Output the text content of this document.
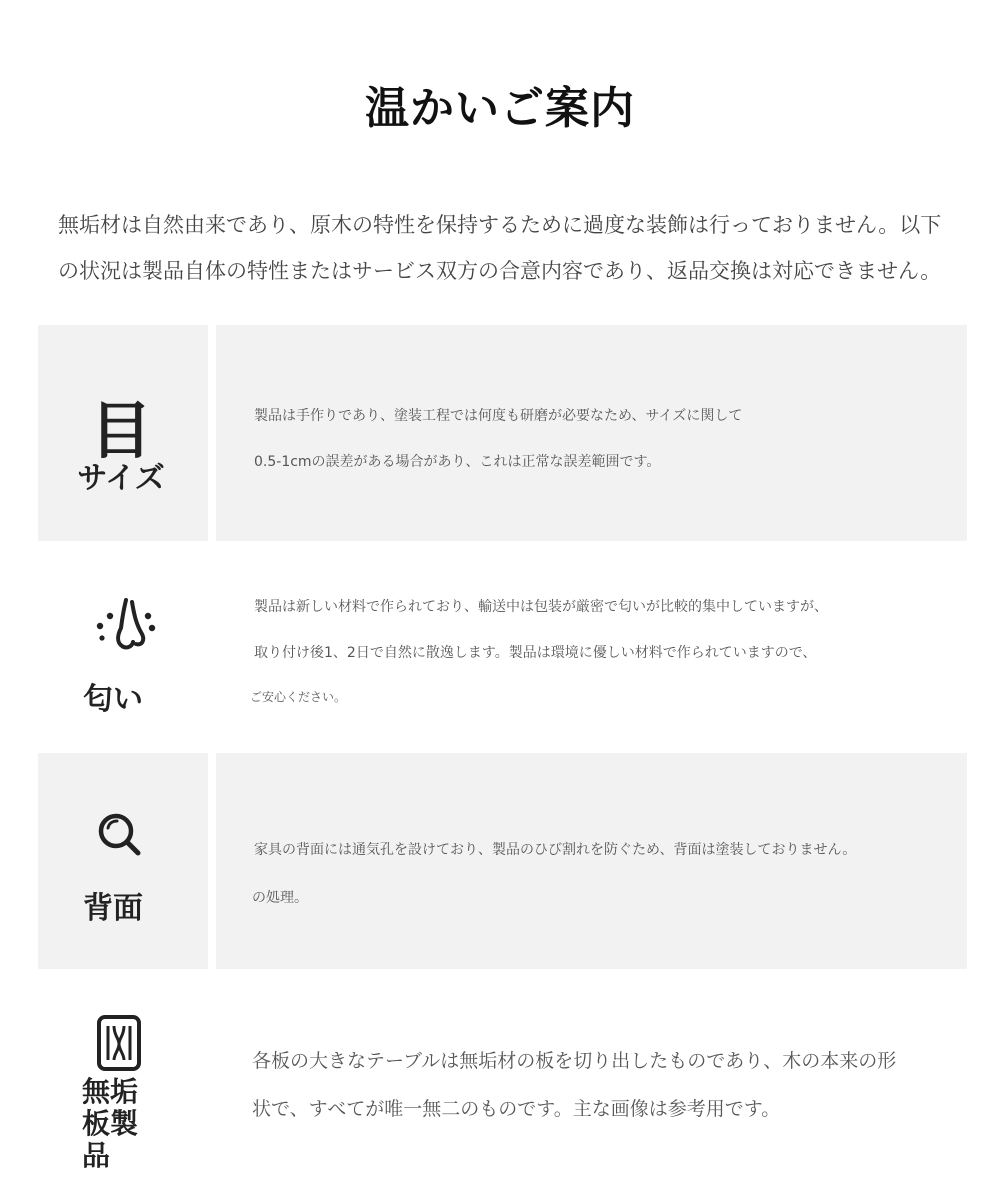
温かいご案内
無垢材は自然由来であり、原木の特性を保持するために過度な装飾は行っておりません。以下
の状況は製品自体の特性またはサービス双方の合意内容であり、返品交換は対応できません。
目
サイズ
製品は手作りであり、塗装工程では何度も研磨が必要なため、サイズに関して
0.5-1cmの誤差がある場合があり、これは正常な誤差範囲です。
匂い
製品は新しい材料で作られており、輸送中は包装が厳密で匂いが比較的集中していますが、
取り付け後1、2日で自然に散逸します。製品は環境に優しい材料で作られていますので、
ご安心ください。
背面
家具の背面には通気孔を設けており、製品のひび割れを防ぐため、背面は塗装しておりません。
の処理。
無垢
板製
品
各板の大きなテーブルは無垢材の板を切り出したものであり、木の本来の形
状で、すべてが唯一無二のものです。主な画像は参考用です。
